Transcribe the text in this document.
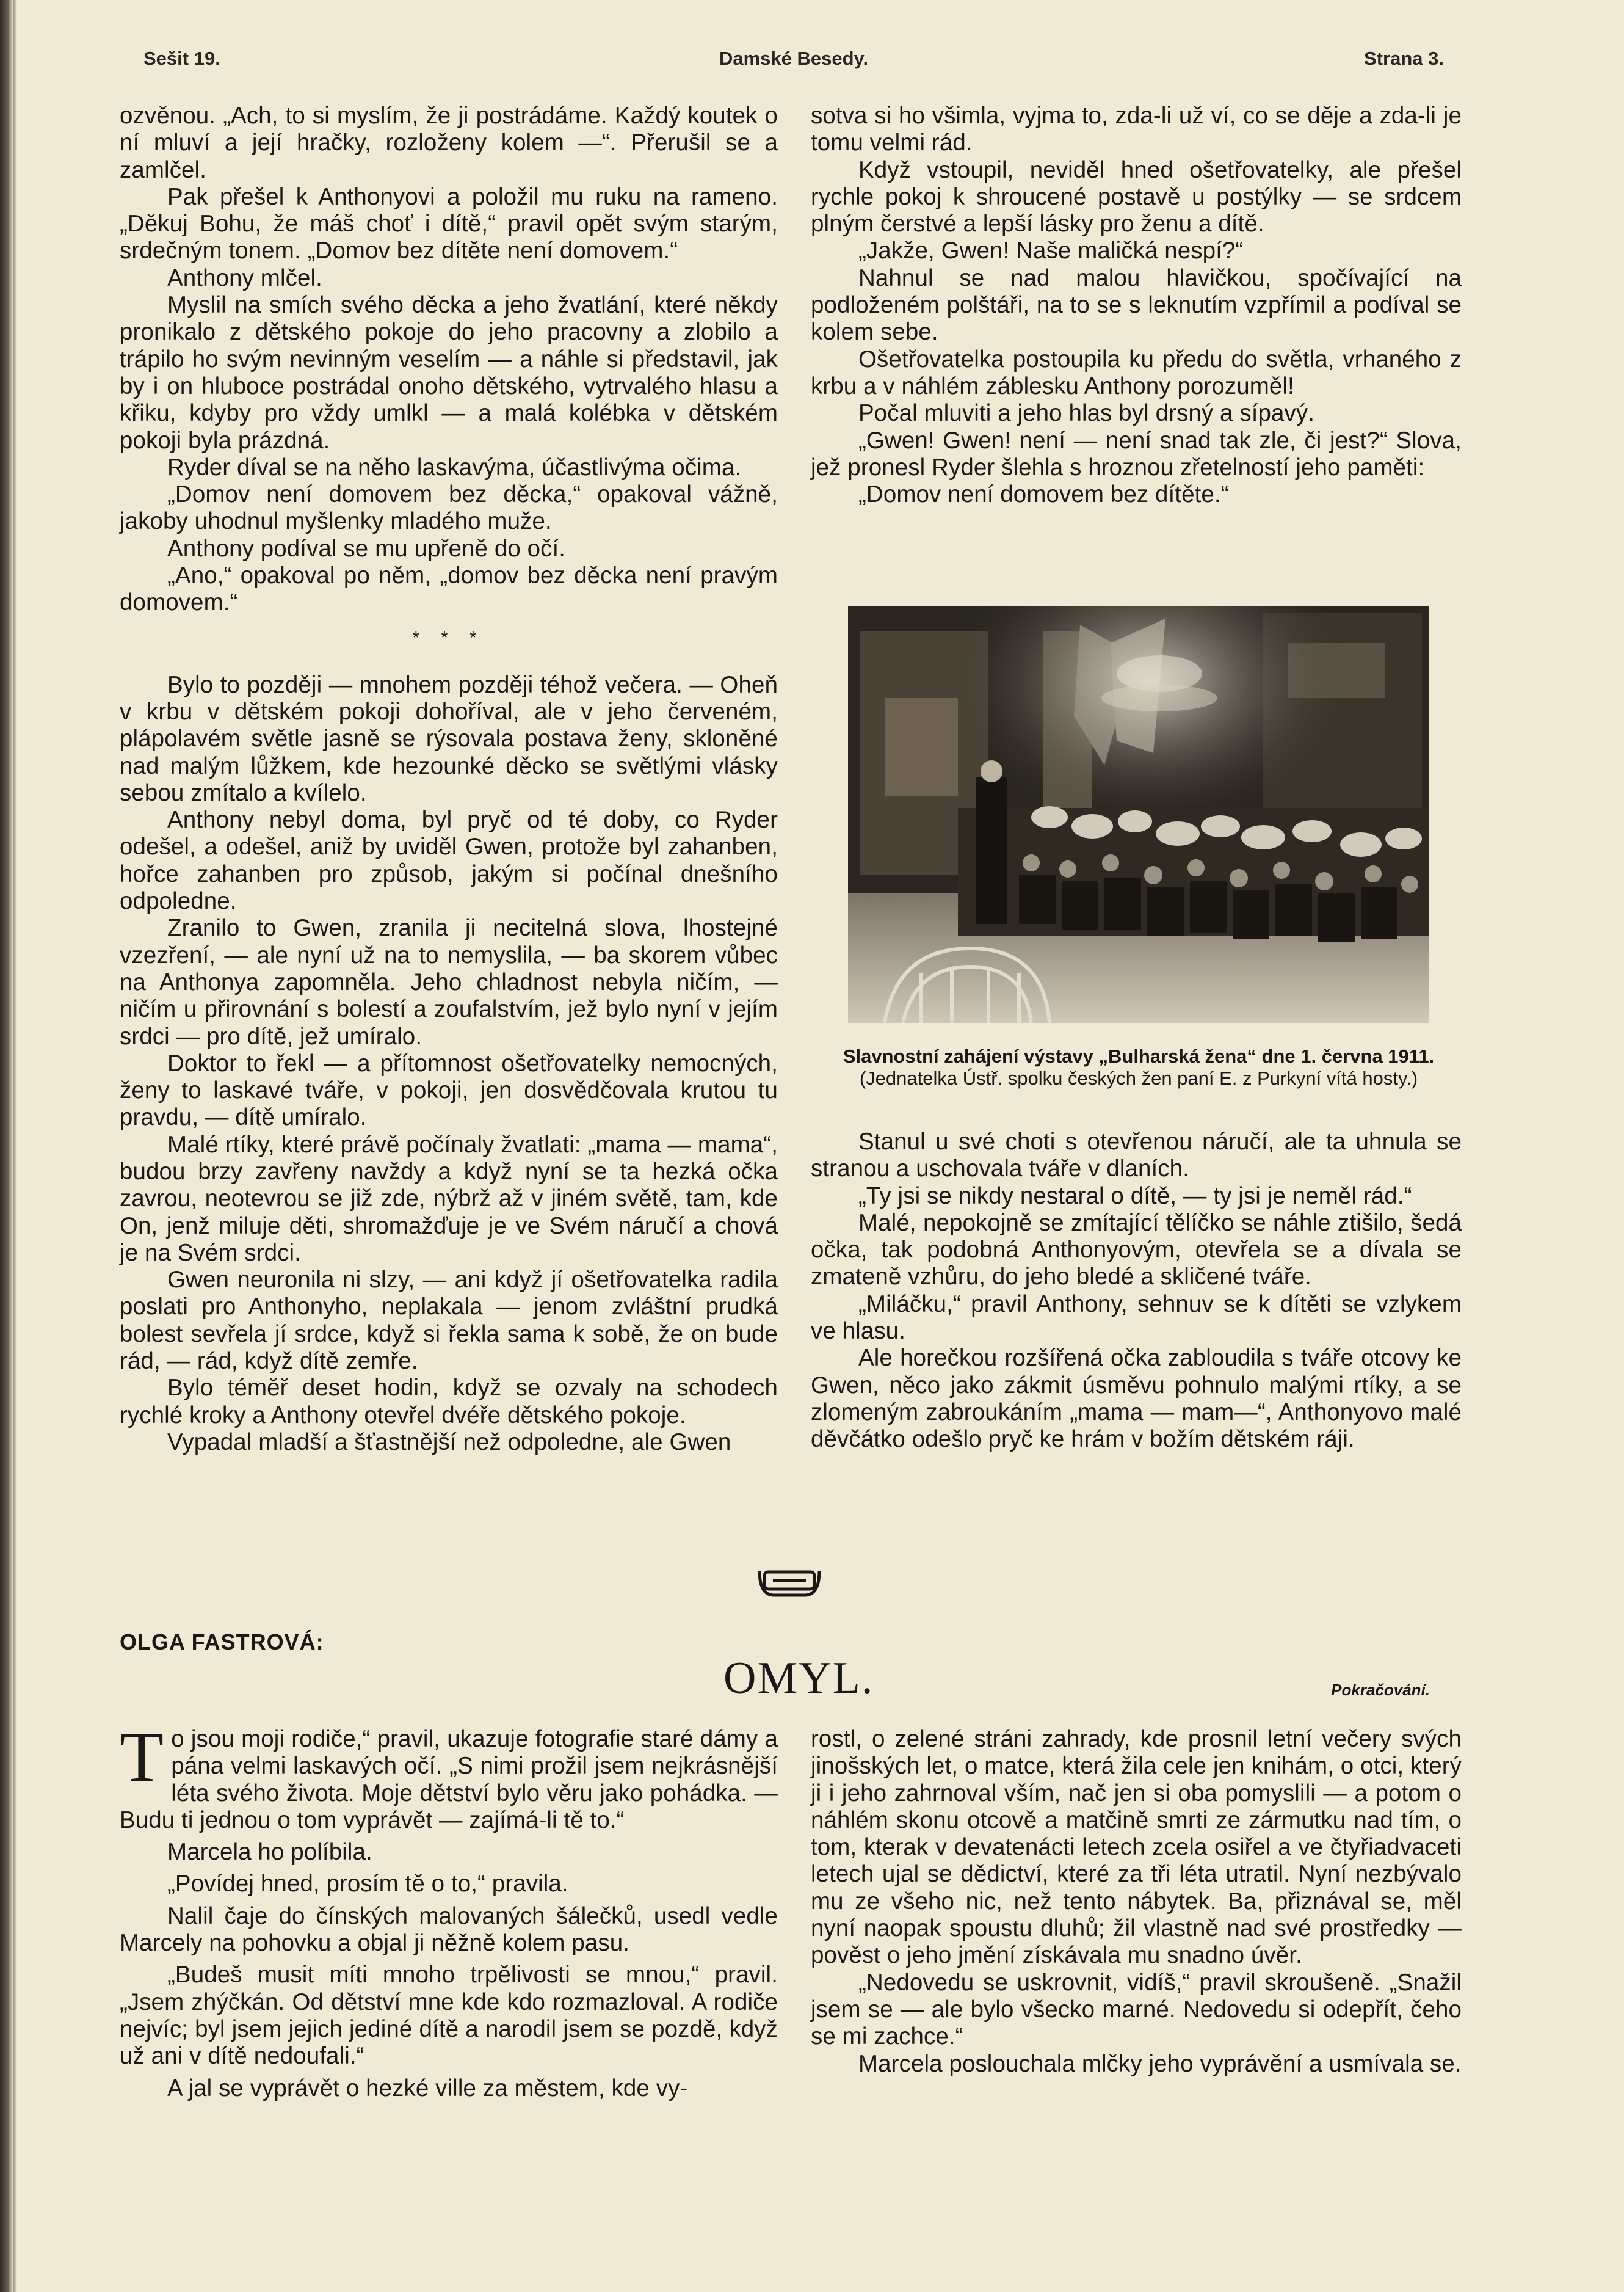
Sešit 19.	Damské Besedy.	Strana 3.

ozvěnou. „Ach, to si myslím, že ji postrádáme. Každý koutek o ní mluví a její hračky, rozloženy kolem —“. Přerušil se a zamlčel.

Pak přešel k Anthonyovi a položil mu ruku na rameno. „Děkuj Bohu, že máš choť i dítě,“ pravil opět svým starým, srdečným tonem. „Domov bez dítěte není domovem.“

Anthony mlčel.

Myslil na smích svého děcka a jeho žvatlání, které někdy pronikalo z dětského pokoje do jeho pracovny a zlobilo a trápilo ho svým nevinným veselím — a náhle si představil, jak by i on hluboce postrádal onoho dětského, vytrvalého hlasu a křiku, kdyby pro vždy umlkl — a malá kolébka v dětském pokoji byla prázdná.

Ryder díval se na něho laskavýma, účastlivýma očima.

„Domov není domovem bez děcka,“ opakoval vážně, jakoby uhodnul myšlenky mladého muže.

Anthony podíval se mu upřeně do očí.

„Ano,“ opakoval po něm, „domov bez děcka není pravým domovem.“

* * *

Bylo to později — mnohem později téhož večera. — Oheň v krbu v dětském pokoji dohoříval, ale v jeho červeném, plápolavém světle jasně se rýsovala postava ženy, skloněné nad malým lůžkem, kde hezounké děcko se světlými vlásky sebou zmítalo a kvílelo.

Anthony nebyl doma, byl pryč od té doby, co Ryder odešel, a odešel, aniž by uviděl Gwen, protože byl zahanben, hořce zahanben pro způsob, jakým si počínal dnešního odpoledne.

Zranilo to Gwen, zranila ji necitelná slova, lhostejné vzezření, — ale nyní už na to nemyslila, — ba skorem vůbec na Anthonya zapomněla. Jeho chladnost nebyla ničím, — ničím u přirovnání s bolestí a zoufalstvím, jež bylo nyní v jejím srdci — pro dítě, jež umíralo.

Doktor to řekl — a přítomnost ošetřovatelky nemocných, ženy to laskavé tváře, v pokoji, jen dosvědčovala krutou tu pravdu, — dítě umíralo.

Malé rtíky, které právě počínaly žvatlati: „mama — mama“, budou brzy zavřeny navždy a když nyní se ta hezká očka zavrou, neotevrou se již zde, nýbrž až v jiném světě, tam, kde On, jenž miluje děti, shromažďuje je ve Svém náručí a chová je na Svém srdci.

Gwen neuronila ni slzy, — ani když jí ošetřovatelka radila poslati pro Anthonyho, neplakala — jenom zvláštní prudká bolest sevřela jí srdce, když si řekla sama k sobě, že on bude rád, — rád, když dítě zemře.

Bylo téměř deset hodin, když se ozvaly na schodech rychlé kroky a Anthony otevřel dvéře dětského pokoje.

Vypadal mladší a šťastnější než odpoledne, ale Gwen

sotva si ho všimla, vyjma to, zda-li už ví, co se děje a zda-li je tomu velmi rád.

Když vstoupil, neviděl hned ošetřovatelky, ale přešel rychle pokoj k shroucené postavě u postýlky — se srdcem plným čerstvé a lepší lásky pro ženu a dítě.

„Jakže, Gwen! Naše maličká nespí?“

Nahnul se nad malou hlavičkou, spočívající na podloženém polštáři, na to se s leknutím vzpřímil a podíval se kolem sebe.

Ošetřovatelka postoupila ku předu do světla, vrhaného z krbu a v náhlém záblesku Anthony porozuměl!

Počal mluviti a jeho hlas byl drsný a sípavý.

„Gwen! Gwen! není — není snad tak zle, či jest?“ Slova, jež pronesl Ryder šlehla s hroznou zřetelností jeho paměti:

„Domov není domovem bez dítěte.“

Slavnostní zahájení výstavy „Bulharská žena“ dne 1. června 1911. (Jednatelka Ústř. spolku českých žen paní E. z Purkyní vítá hosty.)

Stanul u své choti s otevřenou náručí, ale ta uhnula se stranou a uschovala tváře v dlaních.

„Ty jsi se nikdy nestaral o dítě, — ty jsi je neměl rád.“

Malé, nepokojně se zmítající tělíčko se náhle ztišilo, šedá očka, tak podobná Anthonyovým, otevřela se a dívala se zmateně vzhůru, do jeho bledé a skličené tváře.

„Miláčku,“ pravil Anthony, sehnuv se k dítěti se vzlykem ve hlasu.

Ale horečkou rozšířená očka zabloudila s tváře otcovy ke Gwen, něco jako zákmit úsměvu pohnulo malými rtíky, a se zlomeným zabroukáním „mama — mam—“, Anthonyovo malé děvčátko odešlo pryč ke hrám v božím dětském ráji.

OLGA FASTROVÁ:
OMYL.	Pokračování.

To jsou moji rodiče,“ pravil, ukazuje fotografie staré dámy a pána velmi laskavých očí. „S nimi prožil jsem nejkrásnější léta svého života. Moje dětství bylo věru jako pohádka. — Budu ti jednou o tom vyprávět — zajímá-li tě to.“

Marcela ho políbila.

„Povídej hned, prosím tě o to,“ pravila.

Nalil čaje do čínských malovaných šálečků, usedl vedle Marcely na pohovku a objal ji něžně kolem pasu.

„Budeš musit míti mnoho trpělivosti se mnou,“ pravil. „Jsem zhýčkán. Od dětství mne kde kdo rozmazloval. A rodiče nejvíc; byl jsem jejich jediné dítě a narodil jsem se pozdě, když už ani v dítě nedoufali.“

A jal se vyprávět o hezké ville za městem, kde vy-

rostl, o zelené stráni zahrady, kde prosnil letní večery svých jinošských let, o matce, která žila cele jen knihám, o otci, který ji i jeho zahrnoval vším, nač jen si oba pomyslili — a potom o náhlém skonu otcově a matčině smrti ze zármutku nad tím, o tom, kterak v devatenácti letech zcela osiřel a ve čtyřiadvaceti letech ujal se dědictví, které za tři léta utratil. Nyní nezbývalo mu ze všeho nic, než tento nábytek. Ba, přiznával se, měl nyní naopak spoustu dluhů; žil vlastně nad své prostředky — pověst o jeho jmění získávala mu snadno úvěr.

„Nedovedu se uskrovnit, vidíš,“ pravil skroušeně. „Snažil jsem se — ale bylo všecko marné. Nedovedu si odepřít, čeho se mi zachce.“

Marcela poslouchala mlčky jeho vyprávění a usmívala se.
